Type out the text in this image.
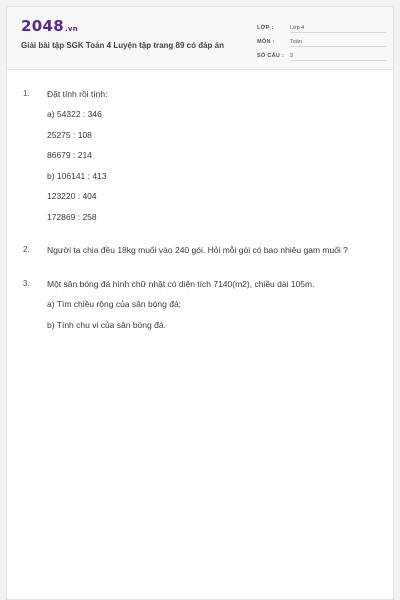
2048.vn
Giải bài tập SGK Toán 4 Luyện tập trang 89 có đáp án
LỚP :	Lớp 4
MÔN :	Toán
SỐ CÂU : 3
1. Đặt tính rồi tính:
a) 54322 : 346
25275 : 108
86679 : 214
b) 106141 : 413
123220 : 404
172869 : 258
2. Người ta chia đều 18kg muối vào 240 gói. Hỏi mỗi gói có bao nhiêu gam muối ?
3. Một sân bóng đá hình chữ nhật có diện tích 7140(m2), chiều dài 105m.
a) Tìm chiều rộng của sân bóng đá;
b) Tính chu vi của sân bóng đá.
